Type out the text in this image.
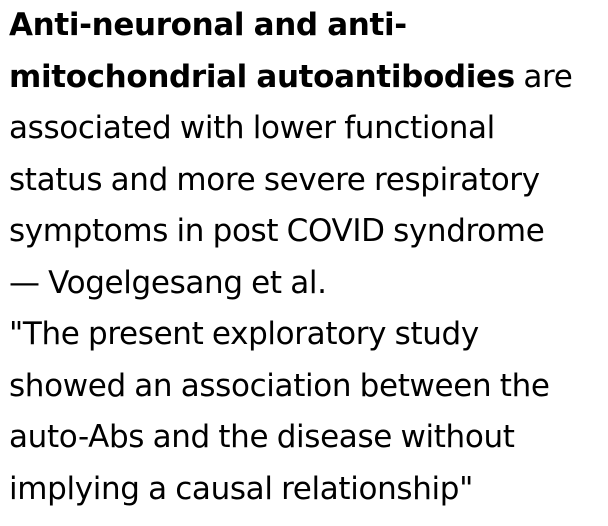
Anti-neuronal and anti-
mitochondrial autoantibodies are
associated with lower functional
status and more severe respiratory
symptoms in post COVID syndrome
— Vogelgesang et al.
"The present exploratory study
showed an association between the
auto-Abs and the disease without
implying a causal relationship"
